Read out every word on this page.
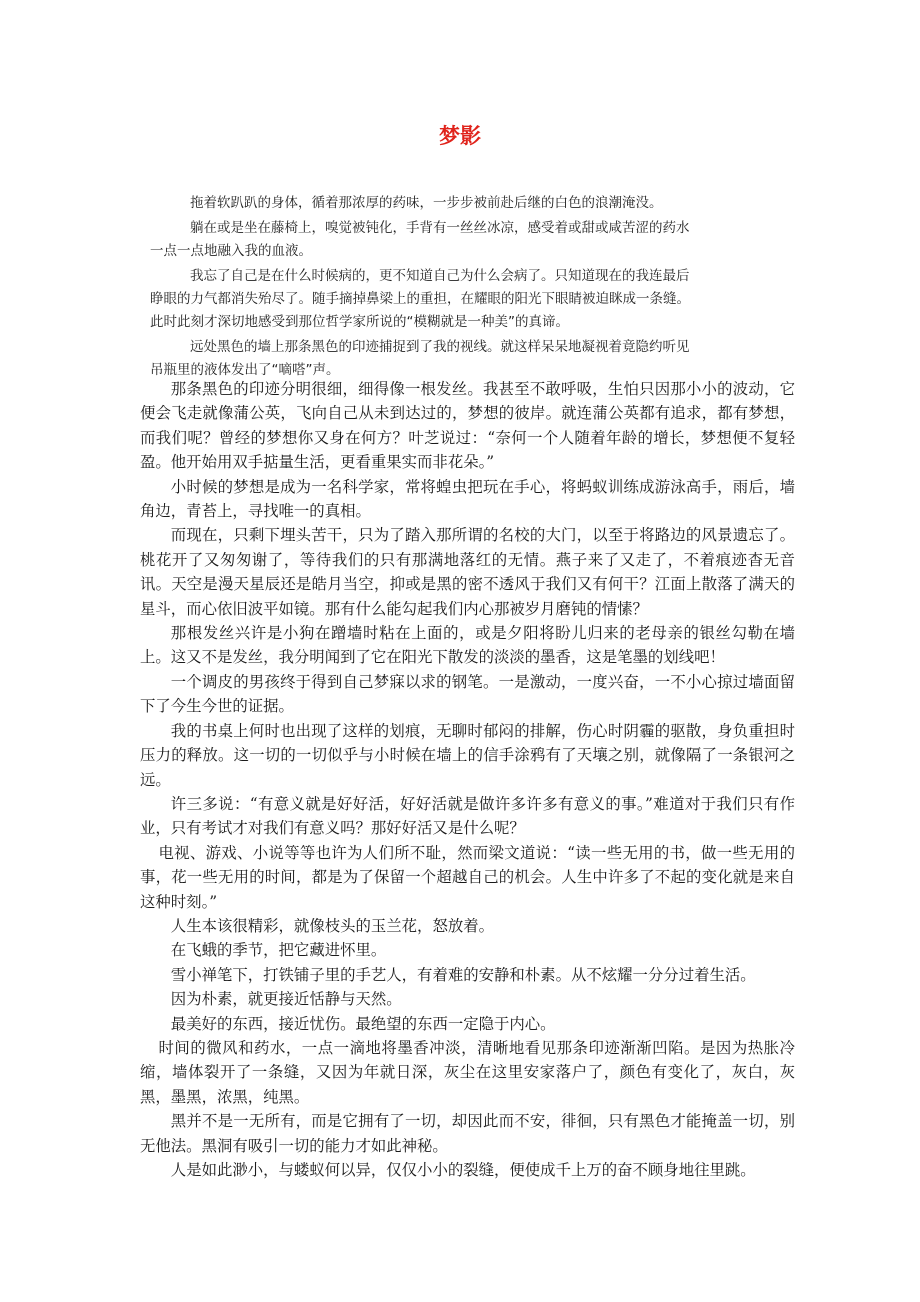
梦影

拖着软趴趴的身体，循着那浓厚的药味，一步步被前赴后继的白色的浪潮淹没。

躺在或是坐在藤椅上，嗅觉被钝化，手背有一丝丝冰凉，感受着或甜或咸苦涩的药水
一点一点地融入我的血液。

我忘了自己是在什么时候病的，更不知道自己为什么会病了。只知道现在的我连最后
睁眼的力气都消失殆尽了。随手摘掉鼻梁上的重担，在耀眼的阳光下眼睛被迫眯成一条缝。
此时此刻才深切地感受到那位哲学家所说的“模糊就是一种美”的真谛。

远处黑色的墙上那条黑色的印迹捕捉到了我的视线。就这样呆呆地凝视着竟隐约听见
吊瓶里的液体发出了“嘀嗒”声。

那条黑色的印迹分明很细，细得像一根发丝。我甚至不敢呼吸，生怕只因那小小的波动，它便会飞走就像蒲公英，飞向自己从未到达过的，梦想的彼岸。就连蒲公英都有追求，都有梦想，而我们呢？曾经的梦想你又身在何方？叶芝说过：“奈何一个人随着年龄的增长，梦想便不复轻盈。他开始用双手掂量生活，更看重果实而非花朵。”

小时候的梦想是成为一名科学家，常将蝗虫把玩在手心，将蚂蚁训练成游泳高手，雨后，墙角边，青苔上，寻找唯一的真相。

而现在，只剩下埋头苦干，只为了踏入那所谓的名校的大门，以至于将路边的风景遗忘了。桃花开了又匆匆谢了，等待我们的只有那满地落红的无情。燕子来了又走了，不着痕迹杳无音讯。天空是漫天星辰还是皓月当空，抑或是黑的密不透风于我们又有何干？江面上散落了满天的星斗，而心依旧波平如镜。那有什么能勾起我们内心那被岁月磨钝的情愫？

那根发丝兴许是小狗在蹭墙时粘在上面的，或是夕阳将盼儿归来的老母亲的银丝勾勒在墙上。这又不是发丝，我分明闻到了它在阳光下散发的淡淡的墨香，这是笔墨的划线吧！

一个调皮的男孩终于得到自己梦寐以求的钢笔。一是激动，一度兴奋，一不小心掠过墙面留下了今生今世的证据。

我的书桌上何时也出现了这样的划痕，无聊时郁闷的排解，伤心时阴霾的驱散，身负重担时压力的释放。这一切的一切似乎与小时候在墙上的信手涂鸦有了天壤之别，就像隔了一条银河之远。

许三多说：“有意义就是好好活，好好活就是做许多许多有意义的事。”难道对于我们只有作业，只有考试才对我们有意义吗？那好好活又是什么呢？

电视、游戏、小说等等也许为人们所不耻，然而梁文道说：“读一些无用的书，做一些无用的事，花一些无用的时间，都是为了保留一个超越自己的机会。人生中许多了不起的变化就是来自这种时刻。”

人生本该很精彩，就像枝头的玉兰花，怒放着。

在飞蛾的季节，把它藏进怀里。

雪小禅笔下，打铁铺子里的手艺人，有着难的安静和朴素。从不炫耀一分分过着生活。

因为朴素，就更接近恬静与天然。

最美好的东西，接近忧伤。最绝望的东西一定隐于内心。

时间的微风和药水，一点一滴地将墨香冲淡，清晰地看见那条印迹渐渐凹陷。是因为热胀冷缩，墙体裂开了一条缝，又因为年就日深，灰尘在这里安家落户了，颜色有变化了，灰白，灰黑，墨黑，浓黑，纯黑。

黑并不是一无所有，而是它拥有了一切，却因此而不安，徘徊，只有黑色才能掩盖一切，别无他法。黑洞有吸引一切的能力才如此神秘。

人是如此渺小，与蝼蚁何以异，仅仅小小的裂缝，便使成千上万的奋不顾身地往里跳。
